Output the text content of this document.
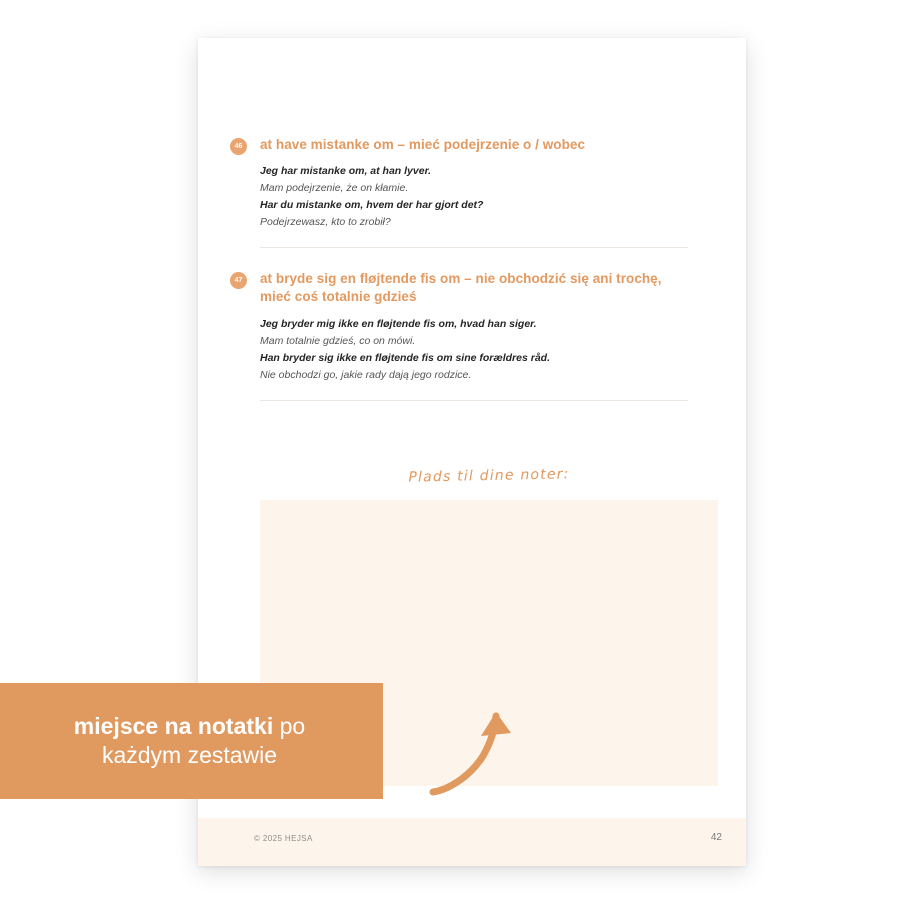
46	at have mistanke om – mieć podejrzenie o / wobec

Jeg har mistanke om, at han lyver.

Mam podejrzenie, że on kłamie.

Har du mistanke om, hvem der har gjort det?

Podejrzewasz, kto to zrobił?

47	at bryde sig en fløjtende fis om – nie obchodzić się ani trochę, mieć coś totalnie gdzieś

Jeg bryder mig ikke en fløjtende fis om, hvad han siger.

Mam totalnie gdzieś, co on mówi.

Han bryder sig ikke en fløjtende fis om sine forældres råd.

Nie obchodzi go, jakie rady dają jego rodzice.

Plads til dine noter:
© 2025 HEJSA	42
miejsce na notatki po
każdym zestawie
